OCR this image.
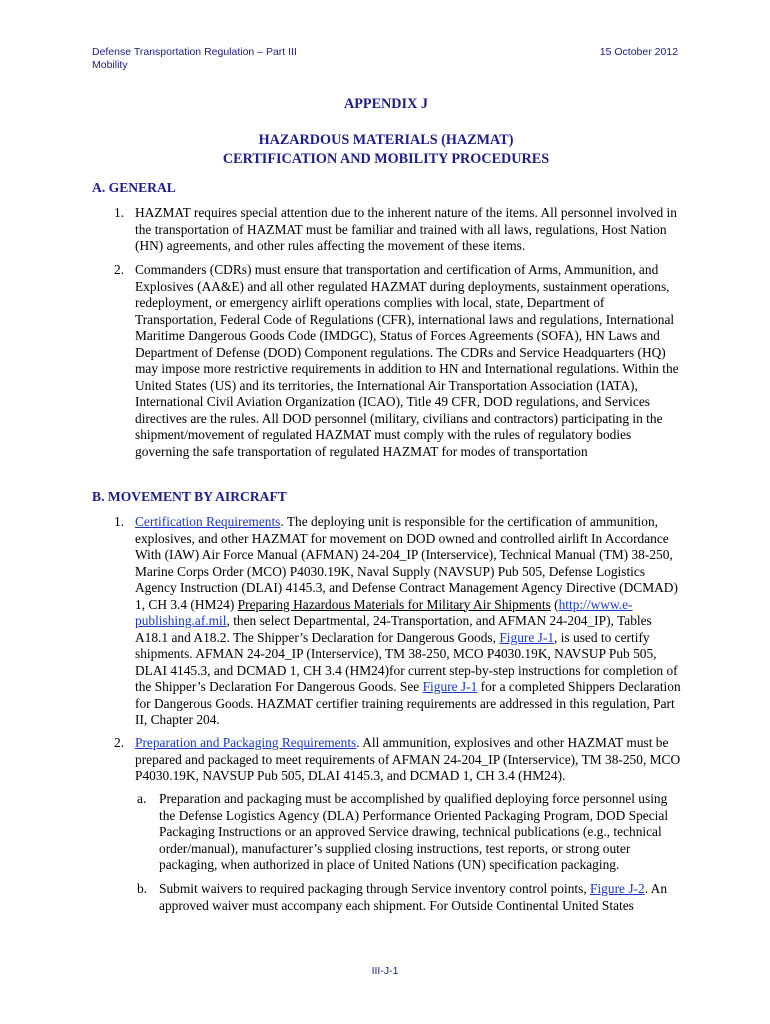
Defense Transportation Regulation – Part III
Mobility
15 October 2012
APPENDIX J
HAZARDOUS MATERIALS (HAZMAT)
CERTIFICATION AND MOBILITY PROCEDURES
A. GENERAL
1. HAZMAT requires special attention due to the inherent nature of the items. All personnel involved in the transportation of HAZMAT must be familiar and trained with all laws, regulations, Host Nation (HN) agreements, and other rules affecting the movement of these items.
2. Commanders (CDRs) must ensure that transportation and certification of Arms, Ammunition, and Explosives (AA&E) and all other regulated HAZMAT during deployments, sustainment operations, redeployment, or emergency airlift operations complies with local, state, Department of Transportation, Federal Code of Regulations (CFR), international laws and regulations, International Maritime Dangerous Goods Code (IMDGC), Status of Forces Agreements (SOFA), HN Laws and Department of Defense (DOD) Component regulations. The CDRs and Service Headquarters (HQ) may impose more restrictive requirements in addition to HN and International regulations. Within the United States (US) and its territories, the International Air Transportation Association (IATA), International Civil Aviation Organization (ICAO), Title 49 CFR, DOD regulations, and Services directives are the rules. All DOD personnel (military, civilians and contractors) participating in the shipment/movement of regulated HAZMAT must comply with the rules of regulatory bodies governing the safe transportation of regulated HAZMAT for modes of transportation
B. MOVEMENT BY AIRCRAFT
1. Certification Requirements. The deploying unit is responsible for the certification of ammunition, explosives, and other HAZMAT for movement on DOD owned and controlled airlift In Accordance With (IAW) Air Force Manual (AFMAN) 24-204_IP (Interservice), Technical Manual (TM) 38-250, Marine Corps Order (MCO) P4030.19K, Naval Supply (NAVSUP) Pub 505, Defense Logistics Agency Instruction (DLAI) 4145.3, and Defense Contract Management Agency Directive (DCMAD) 1, CH 3.4 (HM24) Preparing Hazardous Materials for Military Air Shipments (http://www.e-publishing.af.mil, then select Departmental, 24-Transportation, and AFMAN 24-204_IP), Tables A18.1 and A18.2. The Shipper’s Declaration for Dangerous Goods, Figure J-1, is used to certify shipments. AFMAN 24-204_IP (Interservice), TM 38-250, MCO P4030.19K, NAVSUP Pub 505, DLAI 4145.3, and DCMAD 1, CH 3.4 (HM24)for current step-by-step instructions for completion of the Shipper’s Declaration For Dangerous Goods. See Figure J-1 for a completed Shippers Declaration for Dangerous Goods. HAZMAT certifier training requirements are addressed in this regulation, Part II, Chapter 204.
2. Preparation and Packaging Requirements. All ammunition, explosives and other HAZMAT must be prepared and packaged to meet requirements of AFMAN 24-204_IP (Interservice), TM 38-250, MCO P4030.19K, NAVSUP Pub 505, DLAI 4145.3, and DCMAD 1, CH 3.4 (HM24).
a. Preparation and packaging must be accomplished by qualified deploying force personnel using the Defense Logistics Agency (DLA) Performance Oriented Packaging Program, DOD Special Packaging Instructions or an approved Service drawing, technical publications (e.g., technical order/manual), manufacturer’s supplied closing instructions, test reports, or strong outer packaging, when authorized in place of United Nations (UN) specification packaging.
b. Submit waivers to required packaging through Service inventory control points, Figure J-2. An approved waiver must accompany each shipment. For Outside Continental United States
III-J-1
